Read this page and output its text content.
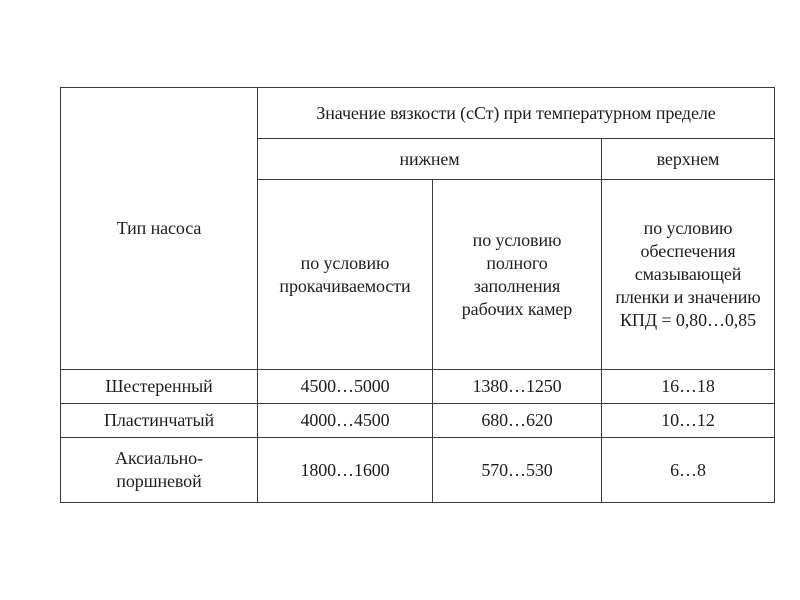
Тип насоса	Значение вязкости (сСт) при температурном пределе		
	нижнем		верхнем
	по условию прокачиваемости	по условию полного заполнения рабочих камер	по условию обеспечения смазывающей пленки и значению КПД = 0,80…0,85
Шестеренный	4500…5000	1380…1250	16…18
Пластинчатый	4000…4500	680…620	10…12
Аксиально-поршневой	1800…1600	570…530	6…8
